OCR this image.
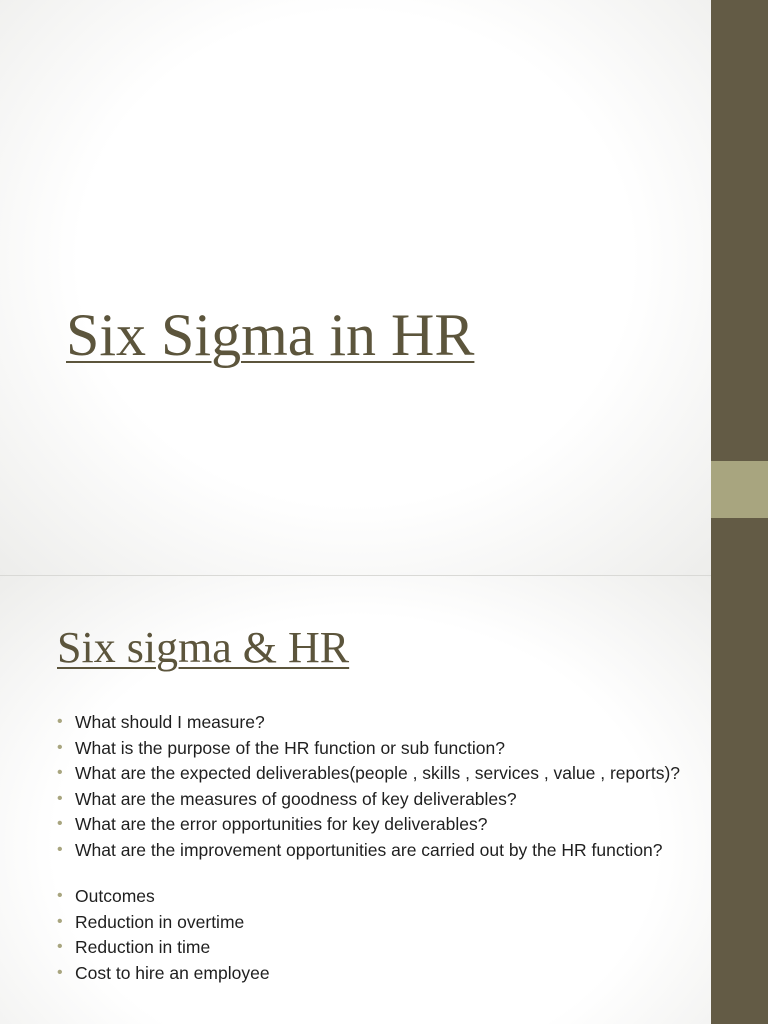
Six Sigma in HR
Six sigma & HR
• What should I measure?
• What is the purpose of the HR function or sub function?
• What are the expected deliverables(people , skills , services , value , reports)?
• What are the measures of goodness of key deliverables?
• What are the error opportunities for key deliverables?
• What are the improvement opportunities are carried out by the HR function?
• Outcomes
• Reduction in overtime
• Reduction in time
• Cost to hire an employee
